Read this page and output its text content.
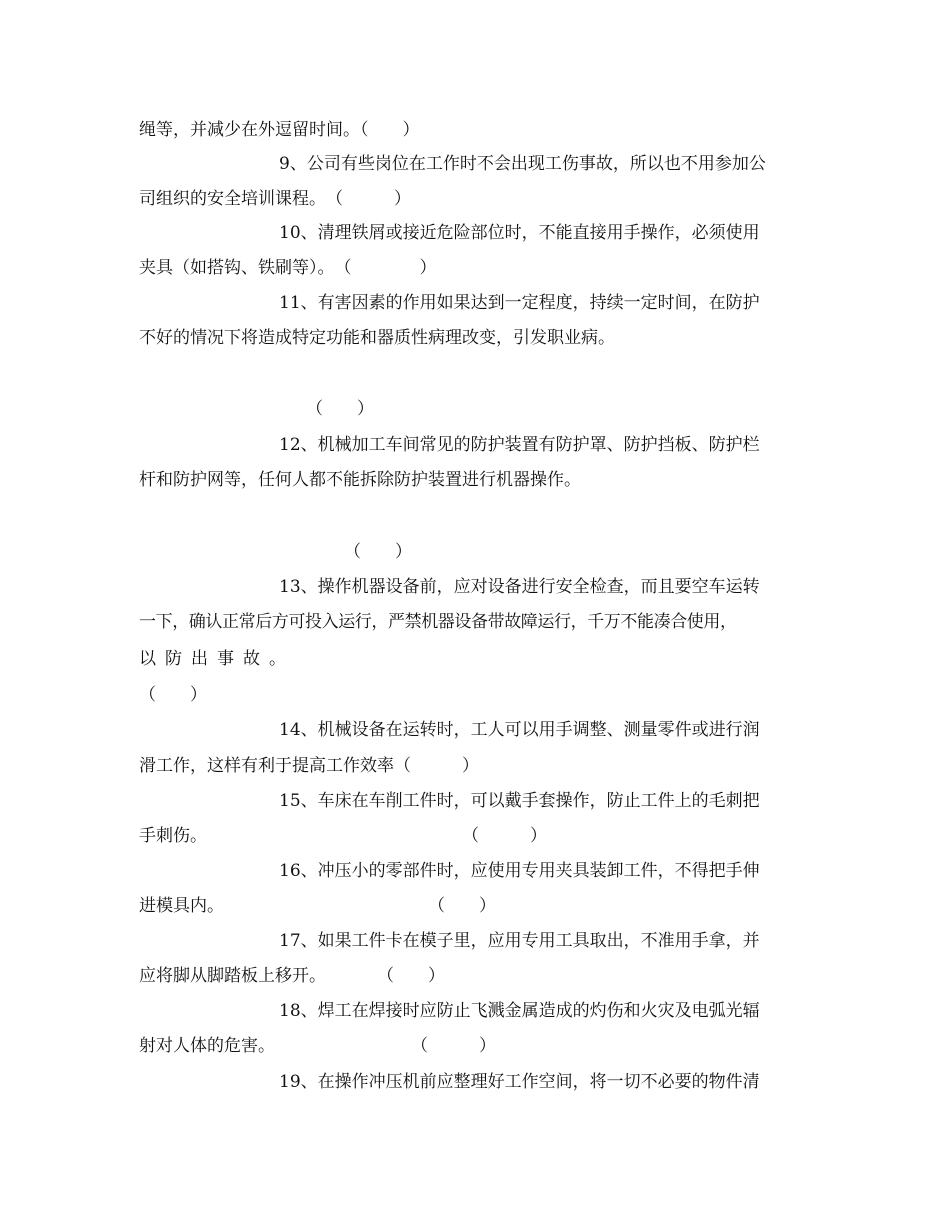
绳等，并减少在外逗留时间。（　　）
9、公司有些岗位在工作时不会出现工伤事故，所以也不用参加公
司组织的安全培训课程。　（　　　）
10、清理铁屑或接近危险部位时，不能直接用手操作，必须使用
夹具（如搭钩、铁刷等）。　（　　　　）
11、有害因素的作用如果达到一定程度，持续一定时间，在防护
不好的情况下将造成特定功能和器质性病理改变，引发职业病。
（　　）
12、机械加工车间常见的防护装置有防护罩、防护挡板、防护栏
杆和防护网等，任何人都不能拆除防护装置进行机器操作。
（　　）
13、操作机器设备前，应对设备进行安全检查，而且要空车运转
一下，确认正常后方可投入运行，严禁机器设备带故障运行，千万不能凑合使用，
以防出事故。
（　　）
14、机械设备在运转时，工人可以用手调整、测量零件或进行润
滑工作，这样有利于提高工作效率（　　　）
15、车床在车削工件时，可以戴手套操作，防止工件上的毛刺把
手刺伤。　　　　　　　　　　　　　　　　（　　　）
16、冲压小的零部件时，应使用专用夹具装卸工件，不得把手伸
进模具内。　　　　　　　　　　　　　（　　）
17、如果工件卡在模子里，应用专用工具取出，不准用手拿，并
应将脚从脚踏板上移开。　　　　（　　）
18、焊工在焊接时应防止飞溅金属造成的灼伤和火灾及电弧光辐
射对人体的危害。　　　　　　　　　（　　　）
19、在操作冲压机前应整理好工作空间，将一切不必要的物件清
